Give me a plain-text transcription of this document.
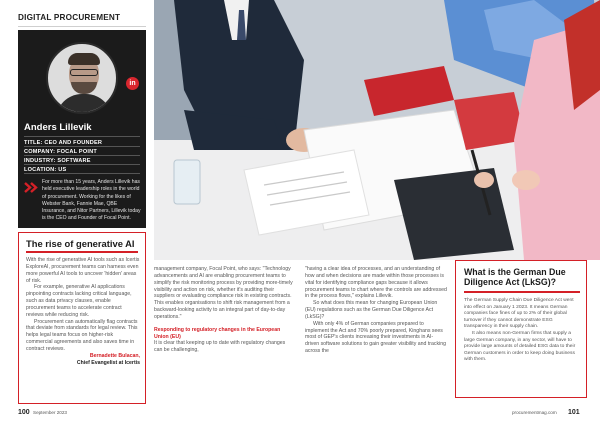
DIGITAL PROCUREMENT
in
Anders Lillevik
TITLE: CEO AND FOUNDER
COMPANY: FOCAL POINT
For more than 15 years, Anders Lillevik has held executive leadership roles in the world of procurement. Working for the likes of Webster Bank, Fannie Mae, QBE Insurance, and Nitor Partners, Lillevik today is the CEO and Founder of Focal Point.
INDUSTRY: SOFTWARE
LOCATION: US
The rise of generative AI

With the rise of generative AI tools such as Icertis ExploreAI, procurement teams can harness even more powerful AI tools to uncover 'hidden' areas of risk.

For example, generative AI applications pinpointing contracts lacking critical language, such as data privacy clauses, enable procurement teams to accelerate contract reviews while reducing risk.

Procurement can automatically flag contracts that deviate from standards for legal review. This helps legal teams focus on higher-risk commercial agreements and also saves time in contract reviews.

Bernadette Bulacan,

Chief Evangelist at Icertis

management company, Focal Point, who says: "Technology advancements and AI are enabling procurement teams to simplify the risk monitoring process by providing more-timely visibility and action on risk, whether it's auditing their suppliers or evaluating compliance risk in existing contracts. This enables organisations to shift risk management from a backward-looking activity to an integral part of day-to-day operations."

Responding to regulatory changes in the European Union (EU)

It is clear that keeping up to date with regulatory changes can be challenging,

"having a clear idea of processes, and an understanding of how and when decisions are made within those processes is vital for identifying compliance gaps because it allows procurement teams to chart where the controls are addressed in the process flows," explains Lillevik.

So what does this mean for changing European Union (EU) regulations such as the German Due Diligence Act (LkSG)?

With only 4% of German companies prepared to implement the Act and 70% poorly prepared, Kinghans sees most of GEP's clients increasing their investments in AI-driven software solutions to gain greater visibility and tracking across the

What is the German Due Diligence Act (LkSG)?

The German Supply Chain Due Diligence Act went into effect on January 1 2023. It means German companies face fines of up to 2% of their global turnover if they cannot demonstrate ESG transparency in their supply chain.

It also means non-German firms that supply a large German company, in any sector, will have to provide large amounts of detailed ESG data to their German customers in order to keep doing business with them.

100 September 2023	procurementmag.com 101
